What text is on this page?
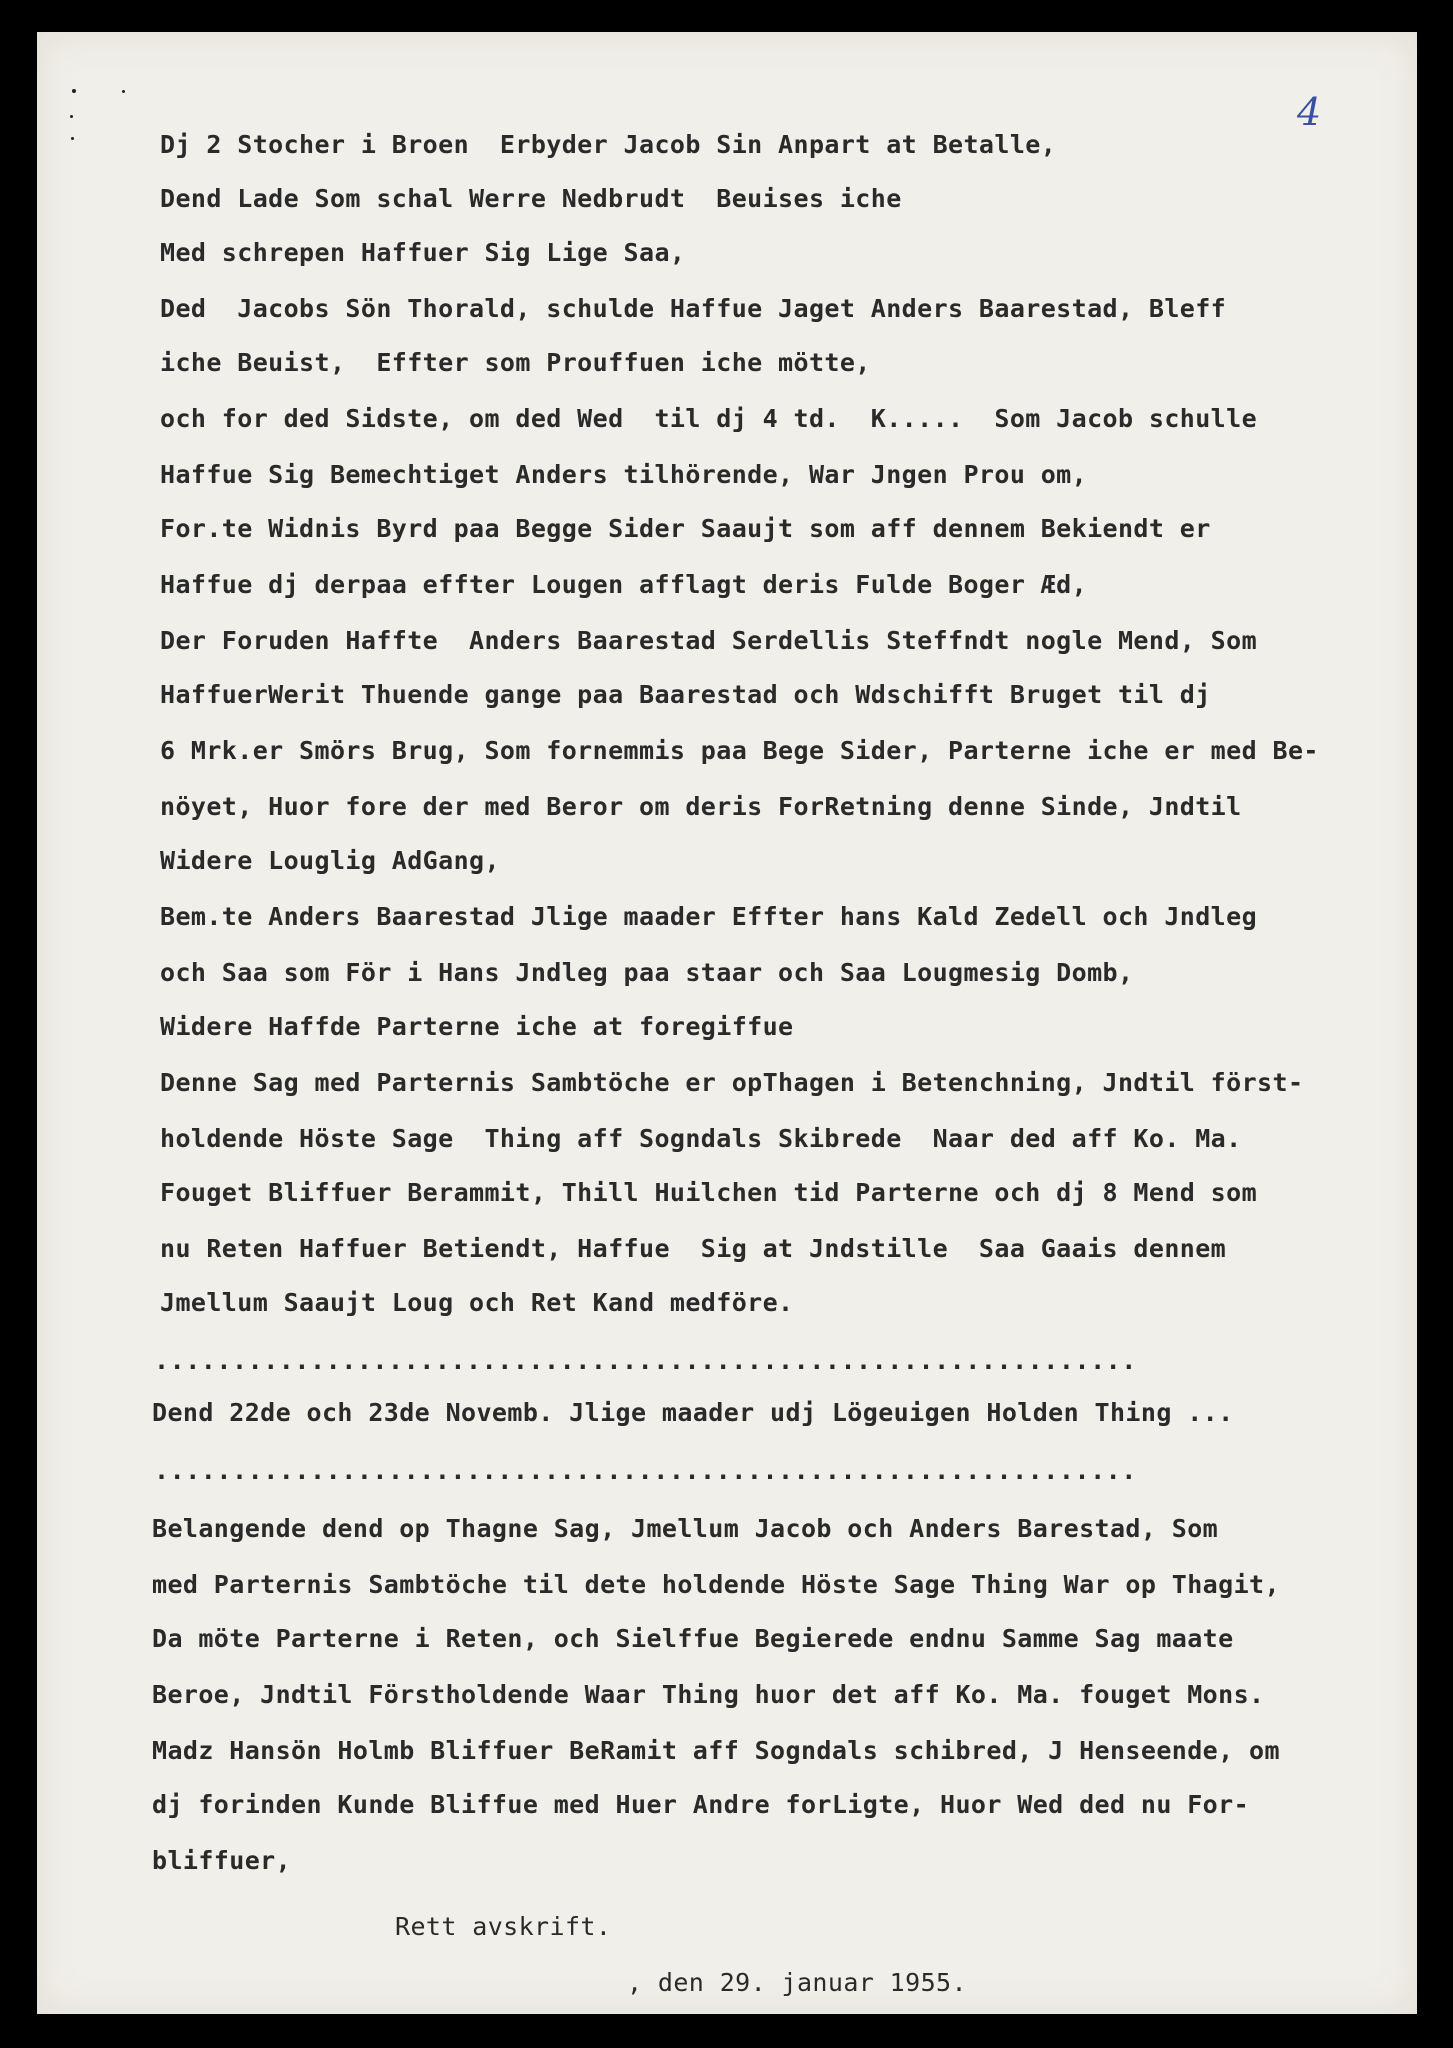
4

Dj 2 Stocher i Broen  Erbyder Jacob Sin Anpart at Betalle,

Dend Lade Som schal Werre Nedbrudt  Beuises iche

Med schrepen Haffuer Sig Lige Saa,

Ded  Jacobs Sön Thorald, schulde Haffue Jaget Anders Baarestad, Bleff

iche Beuist,  Effter som Prouffuen iche mötte,

och for ded Sidste, om ded Wed  til dj 4 td.  K.....  Som Jacob schulle

Haffue Sig Bemechtiget Anders tilhörende, War Jngen Prou om,

For.te Widnis Byrd paa Begge Sider Saaujt som aff dennem Bekiendt er

Haffue dj derpaa effter Lougen afflagt deris Fulde Boger Æd,

Der Foruden Haffte  Anders Baarestad Serdellis Steffndt nogle Mend, Som

HaffuerWerit Thuende gange paa Baarestad och Wdschifft Bruget til dj

6 Mrk.er Smörs Brug, Som fornemmis paa Bege Sider, Parterne iche er med Be-

nöyet, Huor fore der med Beror om deris ForRetning denne Sinde, Jndtil

Widere Louglig AdGang,

Bem.te Anders Baarestad Jlige maader Effter hans Kald Zedell och Jndleg

och Saa som För i Hans Jndleg paa staar och Saa Lougmesig Domb,

Widere Haffde Parterne iche at foregiffue

Denne Sag med Parternis Sambtöche er opThagen i Betenchning, Jndtil först-

holdende Höste Sage  Thing aff Sogndals Skibrede  Naar ded aff Ko. Ma.

Fouget Bliffuer Berammit, Thill Huilchen tid Parterne och dj 8 Mend som

nu Reten Haffuer Betiendt, Haffue  Sig at Jndstille  Saa Gaais dennem

Jmellum Saaujt Loug och Ret Kand medföre.

...............................................................

Dend 22de och 23de Novemb. Jlige maader udj Lögeuigen Holden Thing ...

...............................................................

Belangende dend op Thagne Sag, Jmellum Jacob och Anders Barestad, Som

med Parternis Sambtöche til dete holdende Höste Sage Thing War op Thagit,

Da möte Parterne i Reten, och Sielffue Begierede endnu Samme Sag maate

Beroe, Jndtil Förstholdende Waar Thing huor det aff Ko. Ma. fouget Mons.

Madz Hansön Holmb Bliffuer BeRamit aff Sogndals schibred, J Henseende, om

dj forinden Kunde Bliffue med Huer Andre forLigte, Huor Wed ded nu For-

bliffuer,

Rett avskrift.

, den 29. januar 1955.
